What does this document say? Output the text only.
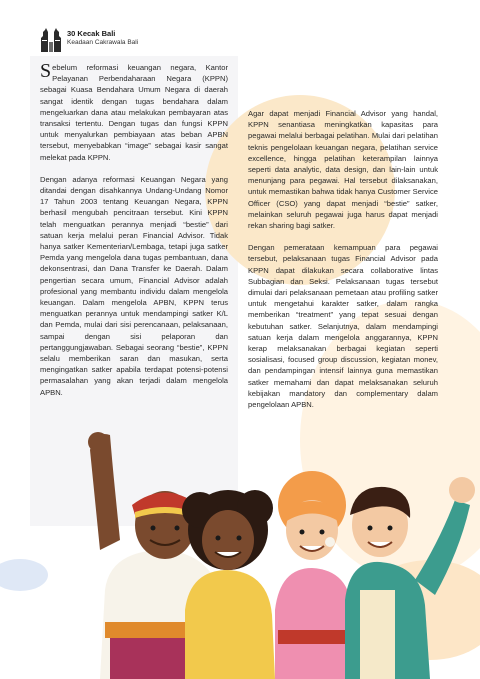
30 Kecak Bali
Keadaan Cakrawala Bali

Sebelum reformasi keuangan negara, Kantor Pelayanan Perbendaharaan Negara (KPPN) sebagai Kuasa Bendahara Umum Negara di daerah sangat identik dengan tugas bendahara dalam mengeluarkan dana atau melakukan pembayaran atas transaksi tertentu. Dengan tugas dan fungsi KPPN untuk menyalurkan pembiayaan atas beban APBN tersebut, menyebabkan “image” sebagai kasir sangat melekat pada KPPN.

Dengan adanya reformasi Keuangan Negara yang ditandai dengan disahkannya Undang-Undang Nomor 17 Tahun 2003 tentang Keuangan Negara, KPPN berhasil mengubah pencitraan tersebut. Kini KPPN telah menguatkan perannya menjadi “bestie” dari satuan kerja melalui peran Financial Advisor. Tidak hanya satker Kementerian/Lembaga, tetapi juga satker Pemda yang mengelola dana tugas pembantuan, dana dekonsentrasi, dan Dana Transfer ke Daerah. Dalam pengertian secara umum, Financial Advisor adalah profesional yang membantu individu dalam mengelola keuangan. Dalam mengelola APBN, KPPN terus menguatkan perannya untuk mendampingi satker K/L dan Pemda, mulai dari sisi perencanaan, pelaksanaan, sampai dengan sisi pelaporan dan pertanggungjawaban. Sebagai seorang “bestie”, KPPN selalu memberikan saran dan masukan, serta mengingatkan satker apabila terdapat potensi-potensi permasalahan yang akan terjadi dalam mengelola APBN.

Agar dapat menjadi Financial Advisor yang handal, KPPN senantiasa meningkatkan kapasitas para pegawai melalui berbagai pelatihan. Mulai dari pelatihan teknis pengelolaan keuangan negara, pelatihan service excellence, hingga pelatihan keterampilan lainnya seperti data analytic, data design, dan lain-lain untuk menunjang para pegawai. Hal tersebut dilaksanakan, untuk memastikan bahwa tidak hanya Customer Service Officer (CSO) yang dapat menjadi “bestie” satker, melainkan seluruh pegawai juga harus dapat menjadi rekan sharing bagi satker.

Dengan pemerataan kemampuan para pegawai tersebut, pelaksanaan tugas Financial Advisor pada KPPN dapat dilakukan secara collaborative lintas Subbagian dan Seksi. Pelaksanaan tugas tersebut dimulai dari pelaksanaan pemetaan atau profiling satker untuk mengetahui karakter satker, dalam rangka memberikan “treatment” yang tepat sesuai dengan kebutuhan satker. Selanjutnya, dalam mendampingi satuan kerja dalam mengelola anggarannya, KPPN kerap melaksanakan berbagai kegiatan seperti sosialisasi, focused group discussion, kegiatan monev, dan pendampingan intensif lainnya guna memastikan satker memahami dan dapat melaksanakan seluruh kebijakan mandatory dan complementary dalam pengelolaan APBN.
